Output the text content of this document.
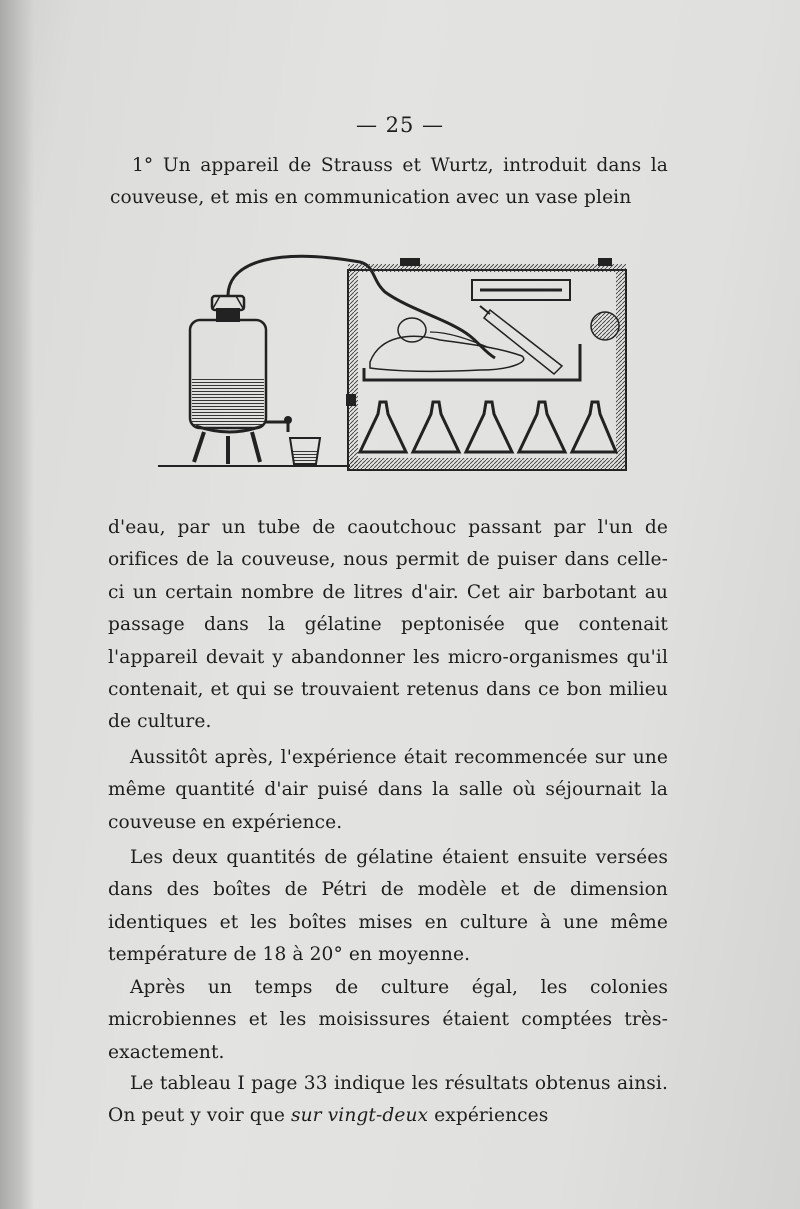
— 25 —

1° Un appareil de Strauss et Wurtz, introduit dans la couveuse, et mis en communication avec un vase plein

d'eau, par un tube de caoutchouc passant par l'un de orifices de la couveuse, nous permit de puiser dans celle-ci un certain nombre de litres d'air. Cet air barbotant au passage dans la gélatine peptonisée que contenait l'appareil devait y abandonner les micro-organismes qu'il contenait, et qui se trouvaient retenus dans ce bon milieu de culture.

Aussitôt après, l'expérience était recommencée sur une même quantité d'air puisé dans la salle où séjournait la couveuse en expérience.

Les deux quantités de gélatine étaient ensuite versées dans des boîtes de Pétri de modèle et de dimension identiques et les boîtes mises en culture à une même température de 18 à 20° en moyenne.

Après un temps de culture égal, les colonies microbiennes et les moisissures étaient comptées très-exactement.

Le tableau I page 33 indique les résultats obtenus ainsi. On peut y voir que sur vingt-deux expériences
